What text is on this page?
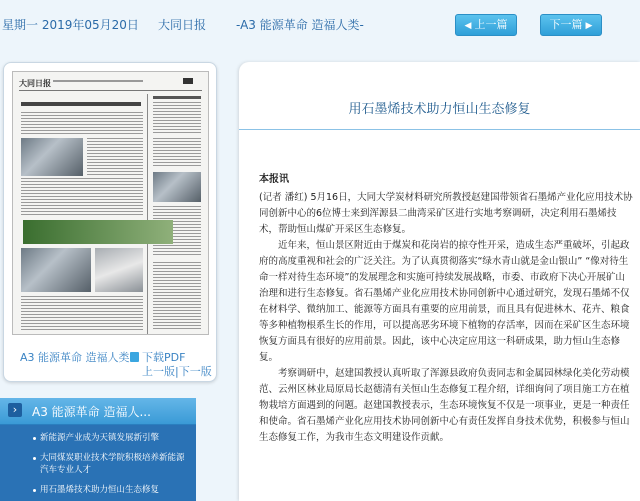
星期一 2019年05月20日 大同日报 -A3 能源革命 造福人类-	◀ 上一篇	下一篇 ▶
大同日报
A3 能源革命 造福人类	下载PDF
上一版|下一版
›	A3 能源革命 造福人...
新能源产业成为天镇发展新引擎
大同煤炭职业技术学院积极培养新能源汽车专业人才
用石墨烯技术助力恒山生态修复
用石墨烯技术助力恒山生态修复
本报讯

(记者 潘红) 5月16日，大同大学炭材料研究所教授赵建国带领省石墨烯产业化应用技术协同创新中心的6位博士来到浑源县二曲湾采矿区进行实地考察调研，决定利用石墨烯技术，帮助恒山煤矿开采区生态修复。

近年来，恒山景区附近由于煤炭和花岗岩的掠夺性开采，造成生态严重破坏，引起政府的高度重视和社会的广泛关注。为了认真贯彻落实“绿水青山就是金山银山” “像对待生命一样对待生态环境”的发展理念和实施可持续发展战略，市委、市政府下决心开展矿山治理和进行生态修复。省石墨烯产业化应用技术协同创新中心通过研究，发现石墨烯不仅在材料学、微纳加工、能源等方面具有重要的应用前景，而且具有促进林木、花卉、粮食等多种植物根系生长的作用，可以提高恶劣环境下植物的存活率，因而在采矿区生态环境恢复方面具有很好的应用前景。因此，该中心决定应用这一科研成果，助力恒山生态修复。

考察调研中，赵建国教授认真听取了浑源县政府负责同志和金属园林绿化美化劳动模范、云州区林业局原局长赵德清有关恒山生态修复工程介绍，详细询问了项目施工方在植物栽培方面遇到的问题。赵建国教授表示，生态环境恢复不仅是一项事业，更是一种责任和使命。省石墨烯产业化应用技术协同创新中心有责任发挥自身技术优势，积极参与恒山生态修复工作，为我市生态文明建设作贡献。
